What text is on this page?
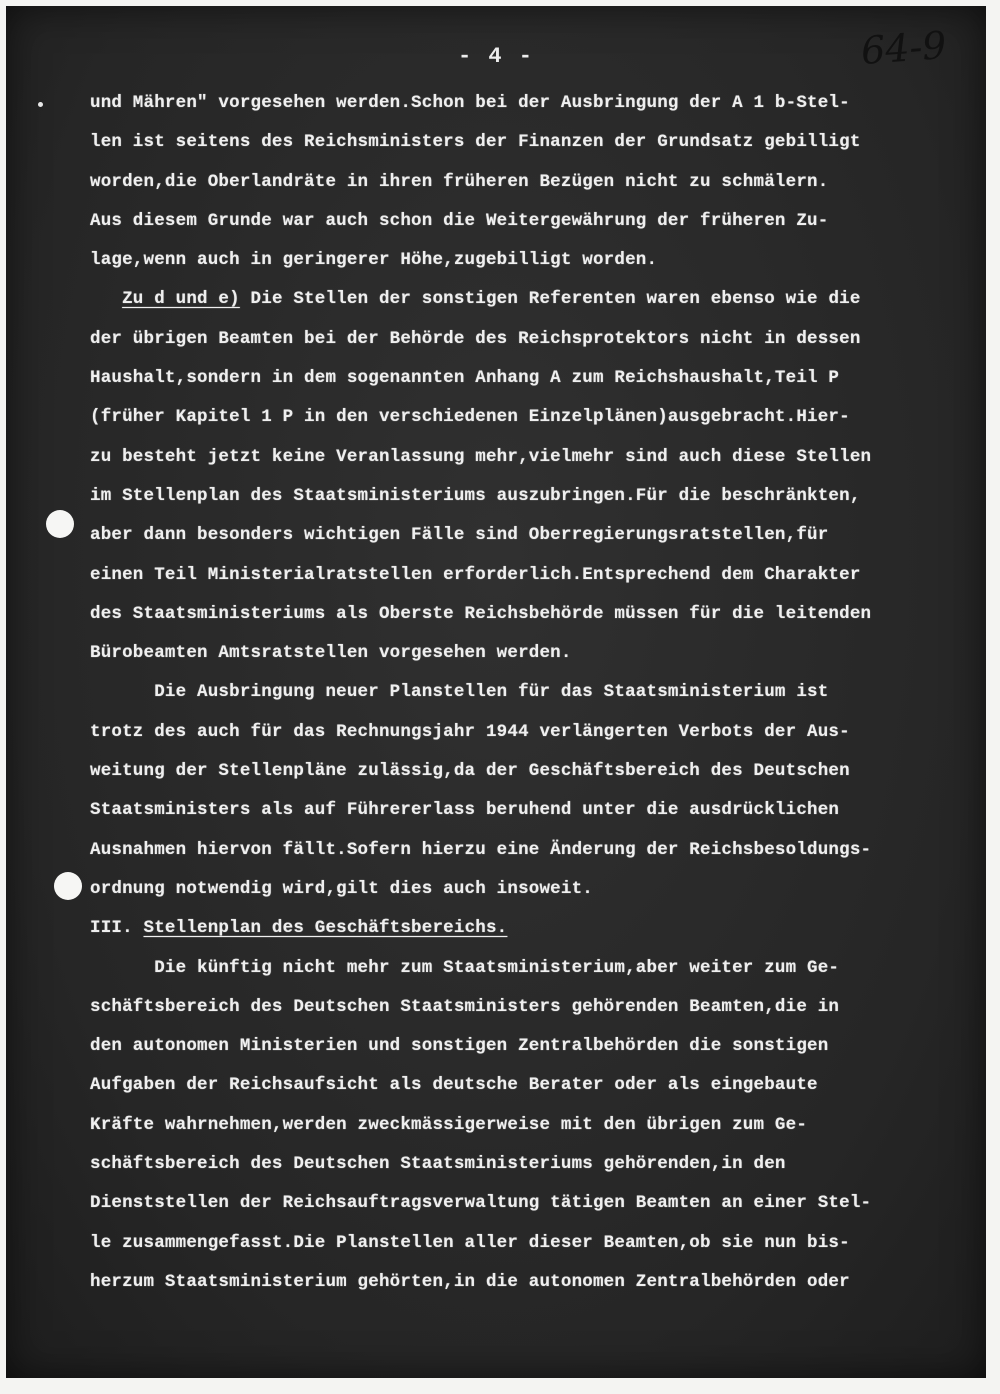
- 4 -	64-9
und Mähren" vorgesehen werden.Schon bei der Ausbringung der A 1 b-Stel-
len ist seitens des Reichsministers der Finanzen der Grundsatz gebilligt
worden,die Oberlandräte in ihren früheren Bezügen nicht zu schmälern.
Aus diesem Grunde war auch schon die Weitergewährung der früheren Zu-
lage,wenn auch in geringerer Höhe,zugebilligt worden.
Zu d und e) Die Stellen der sonstigen Referenten waren ebenso wie die
der übrigen Beamten bei der Behörde des Reichsprotektors nicht in dessen
Haushalt,sondern in dem sogenannten Anhang A zum Reichshaushalt,Teil P
(früher Kapitel 1 P in den verschiedenen Einzelplänen)ausgebracht.Hier-
zu besteht jetzt keine Veranlassung mehr,vielmehr sind auch diese Stellen
im Stellenplan des Staatsministeriums auszubringen.Für die beschränkten,
aber dann besonders wichtigen Fälle sind Oberregierungsratstellen,für
einen Teil Ministerialratstellen erforderlich.Entsprechend dem Charakter
des Staatsministeriums als Oberste Reichsbehörde müssen für die leitenden
Bürobeamten Amtsratstellen vorgesehen werden.
Die Ausbringung neuer Planstellen für das Staatsministerium ist
trotz des auch für das Rechnungsjahr 1944 verlängerten Verbots der Aus-
weitung der Stellenpläne zulässig,da der Geschäftsbereich des Deutschen
Staatsministers als auf Führererlass beruhend unter die ausdrücklichen
Ausnahmen hiervon fällt.Sofern hierzu eine Änderung der Reichsbesoldungs-
ordnung notwendig wird,gilt dies auch insoweit.
III. Stellenplan des Geschäftsbereichs.
Die künftig nicht mehr zum Staatsministerium,aber weiter zum Ge-
schäftsbereich des Deutschen Staatsministers gehörenden Beamten,die in
den autonomen Ministerien und sonstigen Zentralbehörden die sonstigen
Aufgaben der Reichsaufsicht als deutsche Berater oder als eingebaute
Kräfte wahrnehmen,werden zweckmässigerweise mit den übrigen zum Ge-
schäftsbereich des Deutschen Staatsministeriums gehörenden,in den
Dienststellen der Reichsauftragsverwaltung tätigen Beamten an einer Stel-
le zusammengefasst.Die Planstellen aller dieser Beamten,ob sie nun bis-
herzum Staatsministerium gehörten,in die autonomen Zentralbehörden oder
